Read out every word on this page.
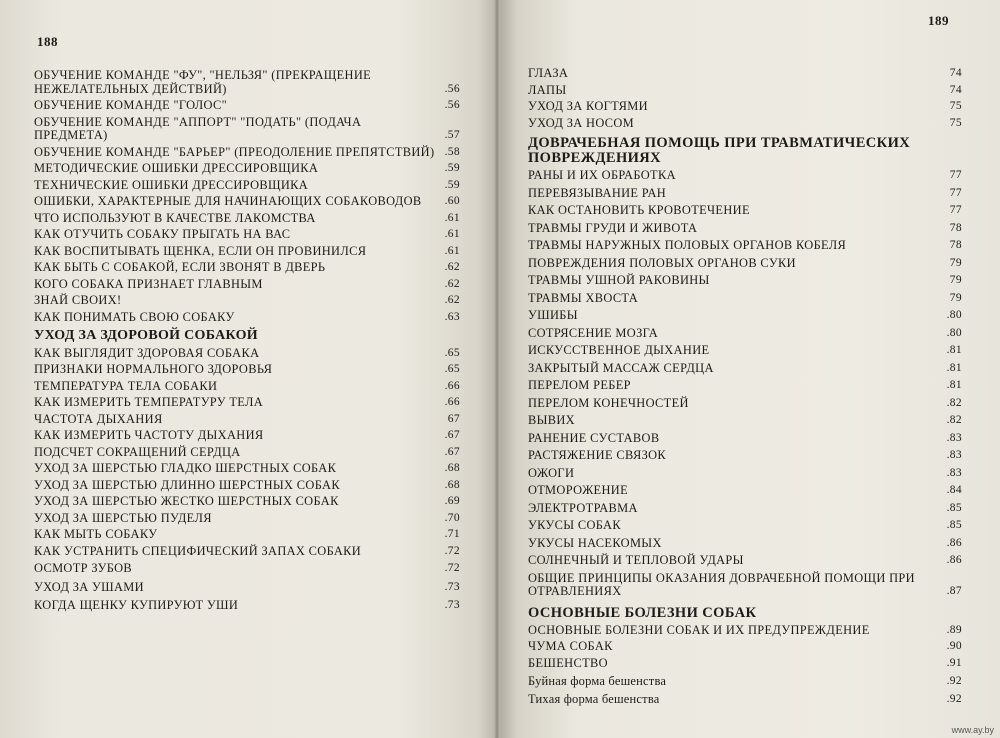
188
189
ОБУЧЕНИЕ КОМАНДЕ "ФУ", "НЕЛЬЗЯ" (ПРЕКРАЩЕНИЕ НЕЖЕЛАТЕЛЬНЫХ ДЕЙСТВИЙ)	.56
ОБУЧЕНИЕ КОМАНДЕ "ГОЛОС"	.56
ОБУЧЕНИЕ КОМАНДЕ "АППОРТ" "ПОДАТЬ" (ПОДАЧА ПРЕДМЕТА)	.57
ОБУЧЕНИЕ КОМАНДЕ "БАРЬЕР" (ПРЕОДОЛЕНИЕ ПРЕПЯТСТВИЙ) .58
МЕТОДИЧЕСКИЕ ОШИБКИ ДРЕССИРОВЩИКА	.59
ТЕХНИЧЕСКИЕ ОШИБКИ ДРЕССИРОВЩИКА	.59
ОШИБКИ, ХАРАКТЕРНЫЕ ДЛЯ НАЧИНАЮЩИХ СОБАКОВОДОВ	.60
ЧТО ИСПОЛЬЗУЮТ В КАЧЕСТВЕ ЛАКОМСТВА	.61
КАК ОТУЧИТЬ СОБАКУ ПРЫГАТЬ НА ВАС	.61
КАК ВОСПИТЫВАТЬ ЩЕНКА, ЕСЛИ ОН ПРОВИНИЛСЯ	.61
КАК БЫТЬ С СОБАКОЙ, ЕСЛИ ЗВОНЯТ В ДВЕРЬ	.62
КОГО СОБАКА ПРИЗНАЕТ ГЛАВНЫМ	.62
ЗНАЙ СВОИХ!	.62
КАК ПОНИМАТЬ СВОЮ СОБАКУ	.63
УХОД ЗА ЗДОРОВОЙ СОБАКОЙ
КАК ВЫГЛЯДИТ ЗДОРОВАЯ СОБАКА	.65
ПРИЗНАКИ НОРМАЛЬНОГО ЗДОРОВЬЯ	.65
ТЕМПЕРАТУРА ТЕЛА СОБАКИ	.66
КАК ИЗМЕРИТЬ ТЕМПЕРАТУРУ ТЕЛА	.66
ЧАСТОТА ДЫХАНИЯ	67
КАК ИЗМЕРИТЬ ЧАСТОТУ ДЫХАНИЯ	.67
ПОДСЧЕТ СОКРАЩЕНИЙ СЕРДЦА	.67
УХОД ЗА ШЕРСТЬЮ ГЛАДКО ШЕРСТНЫХ СОБАК	.68
УХОД ЗА ШЕРСТЬЮ ДЛИННО ШЕРСТНЫХ СОБАК	.68
УХОД ЗА ШЕРСТЬЮ ЖЕСТКО ШЕРСТНЫХ СОБАК	.69
УХОД ЗА ШЕРСТЬЮ ПУДЕЛЯ	.70
КАК МЫТЬ СОБАКУ	.71
КАК УСТРАНИТЬ СПЕЦИФИЧЕСКИЙ ЗАПАХ СОБАКИ	.72
ОСМОТР ЗУБОВ	.72
УХОД ЗА УШАМИ	.73
КОГДА ЩЕНКУ КУПИРУЮТ УШИ	.73
ГЛАЗА	74
ЛАПЫ	74
УХОД ЗА КОГТЯМИ	75
УХОД ЗА НОСОМ	75
ДОВРАЧЕБНАЯ ПОМОЩЬ ПРИ ТРАВМАТИЧЕСКИХ ПОВРЕЖДЕНИЯХ
РАНЫ И ИХ ОБРАБОТКА	77
ПЕРЕВЯЗЫВАНИЕ РАН	77
КАК ОСТАНОВИТЬ КРОВОТЕЧЕНИЕ	77
ТРАВМЫ ГРУДИ И ЖИВОТА	78
ТРАВМЫ НАРУЖНЫХ ПОЛОВЫХ ОРГАНОВ КОБЕЛЯ	78
ПОВРЕЖДЕНИЯ ПОЛОВЫХ ОРГАНОВ СУКИ	79
ТРАВМЫ УШНОЙ РАКОВИНЫ	79
ТРАВМЫ ХВОСТА	79
УШИБЫ	.80
СОТРЯСЕНИЕ МОЗГА	.80
ИСКУССТВЕННОЕ ДЫХАНИЕ	.81
ЗАКРЫТЫЙ МАССАЖ СЕРДЦА	.81
ПЕРЕЛОМ РЕБЕР	.81
ПЕРЕЛОМ КОНЕЧНОСТЕЙ	.82
ВЫВИХ	.82
РАНЕНИЕ СУСТАВОВ	.83
РАСТЯЖЕНИЕ СВЯЗОК	.83
ОЖОГИ	.83
ОТМОРОЖЕНИЕ	.84
ЭЛЕКТРОТРАВМА	.85
УКУСЫ СОБАК	.85
УКУСЫ НАСЕКОМЫХ	.86
СОЛНЕЧНЫЙ И ТЕПЛОВОЙ УДАРЫ	.86
ОБЩИЕ ПРИНЦИПЫ ОКАЗАНИЯ ДОВРАЧЕБНОЙ ПОМОЩИ ПРИ ОТРАВЛЕНИЯХ	.87
ОСНОВНЫЕ БОЛЕЗНИ СОБАК
ОСНОВНЫЕ БОЛЕЗНИ СОБАК И ИХ ПРЕДУПРЕЖДЕНИЕ	.89
ЧУМА СОБАК	.90
БЕШЕНСТВО	.91
Буйная форма бешенства	.92
Тихая форма бешенства	.92
www.ay.by
